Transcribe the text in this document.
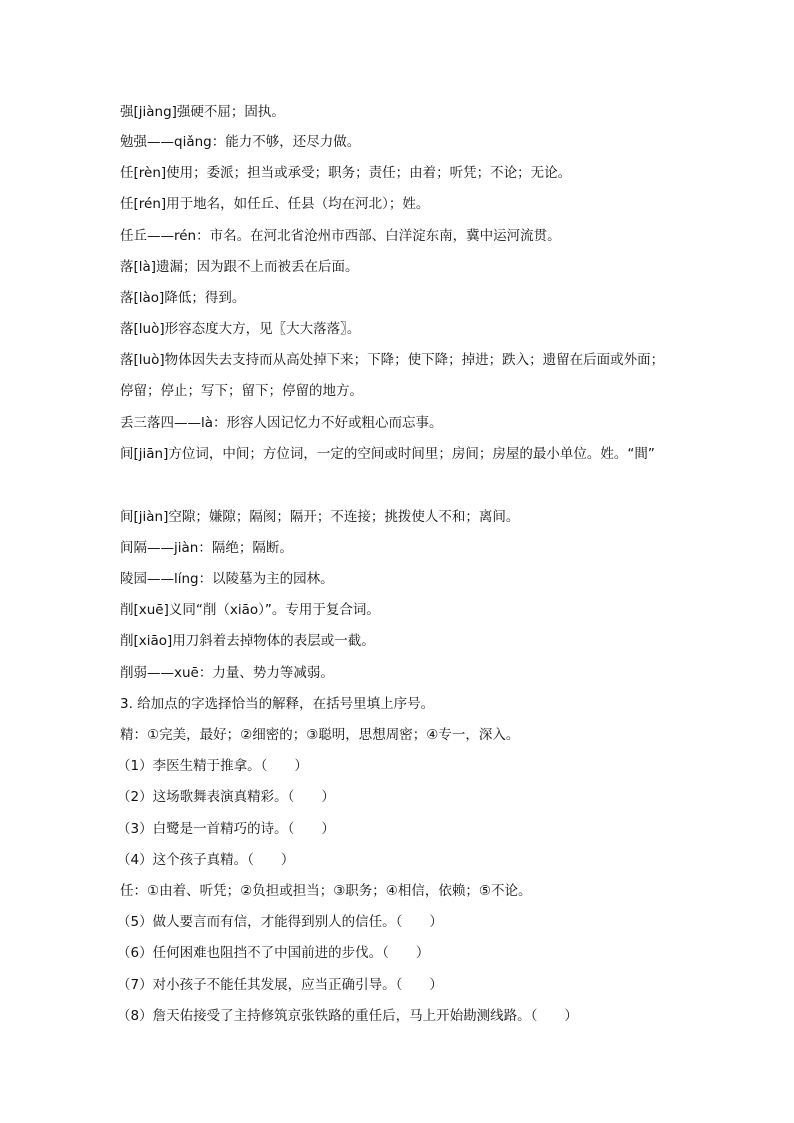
强[jiàng]强硬不屈；固执。
勉强——qiǎng：能力不够，还尽力做。
任[rèn]使用；委派；担当或承受；职务；责任；由着；听凭；不论；无论。
任[rén]用于地名，如任丘、任县（均在河北）；姓。
任丘——rén：市名。在河北省沧州市西部、白洋淀东南，冀中运河流贯。
落[là]遗漏；因为跟不上而被丢在后面。
落[lào]降低；得到。
落[luò]形容态度大方，见〖大大落落〗。
落[luò]物体因失去支持而从高处掉下来；下降；使下降；掉进；跌入；遗留在后面或外面；
停留；停止；写下；留下；停留的地方。
丢三落四——là：形容人因记忆力不好或粗心而忘事。
间[jiān]方位词，中间；方位词，一定的空间或时间里；房间；房屋的最小单位。姓。“間”
间[jiàn]空隙；嫌隙；隔阂；隔开；不连接；挑拨使人不和；离间。
间隔——jiàn：隔绝；隔断。
陵园——líng：以陵墓为主的园林。
削[xuē]义同“削（xiāo）”。专用于复合词。
削[xiāo]用刀斜着去掉物体的表层或一截。
削弱——xuē：力量、势力等减弱。
3. 给加点的字选择恰当的解释，在括号里填上序号。
精：①完美，最好；②细密的；③聪明，思想周密；④专一，深入。
（1）李医生精于推拿。（　　）
（2）这场歌舞表演真精彩。（　　）
（3）白鹭是一首精巧的诗。（　　）
（4）这个孩子真精。（　　）
任：①由着、听凭；②负担或担当；③职务；④相信，依赖；⑤不论。
（5）做人要言而有信，才能得到别人的信任。（　　）
（6）任何困难也阻挡不了中国前进的步伐。（　　）
（7）对小孩子不能任其发展，应当正确引导。（　　）
（8）詹天佑接受了主持修筑京张铁路的重任后，马上开始勘测线路。（　　）
